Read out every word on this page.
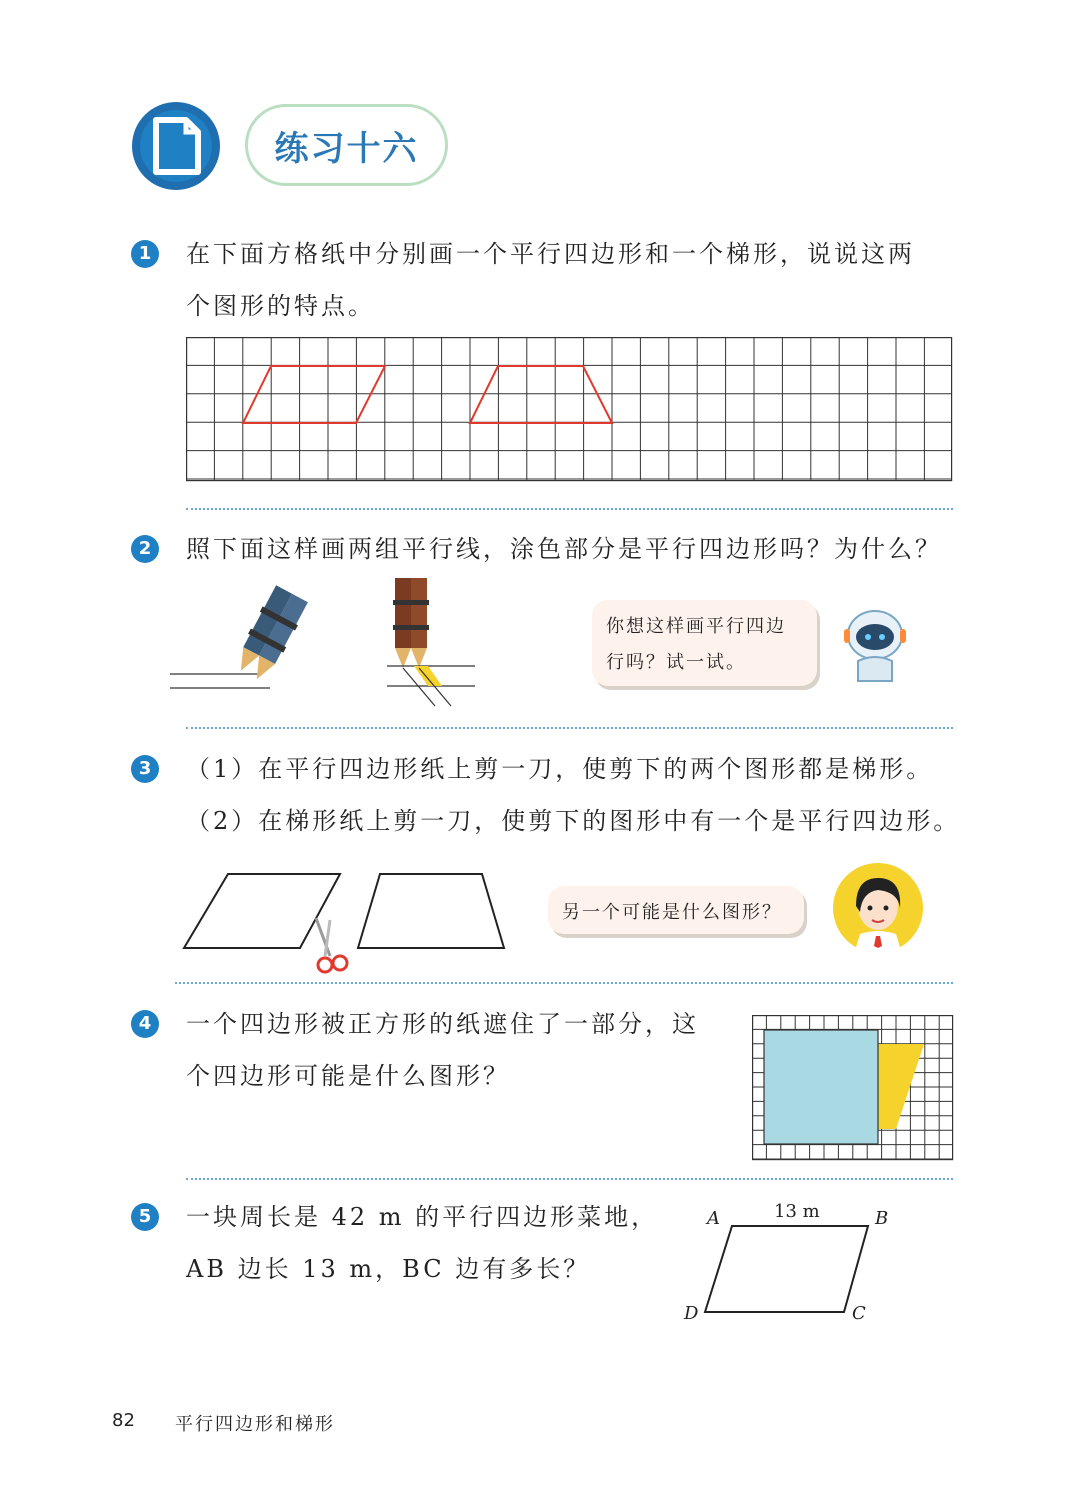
练习十六
1	在下面方格纸中分别画一个平行四边形和一个梯形，说说这两
个图形的特点。
2	照下面这样画两组平行线，涂色部分是平行四边形吗？为什么？
你想这样画平行四边
行吗？试一试。
3	（1）在平行四边形纸上剪一刀，使剪下的两个图形都是梯形。
（2）在梯形纸上剪一刀，使剪下的图形中有一个是平行四边形。
另一个可能是什么图形？
4	一个四边形被正方形的纸遮住了一部分，这
个四边形可能是什么图形？
5	一块周长是 42 m 的平行四边形菜地，
AB 边长 13 m，BC 边有多长？
A	B
C
D
13 m
82 平行四边形和梯形
